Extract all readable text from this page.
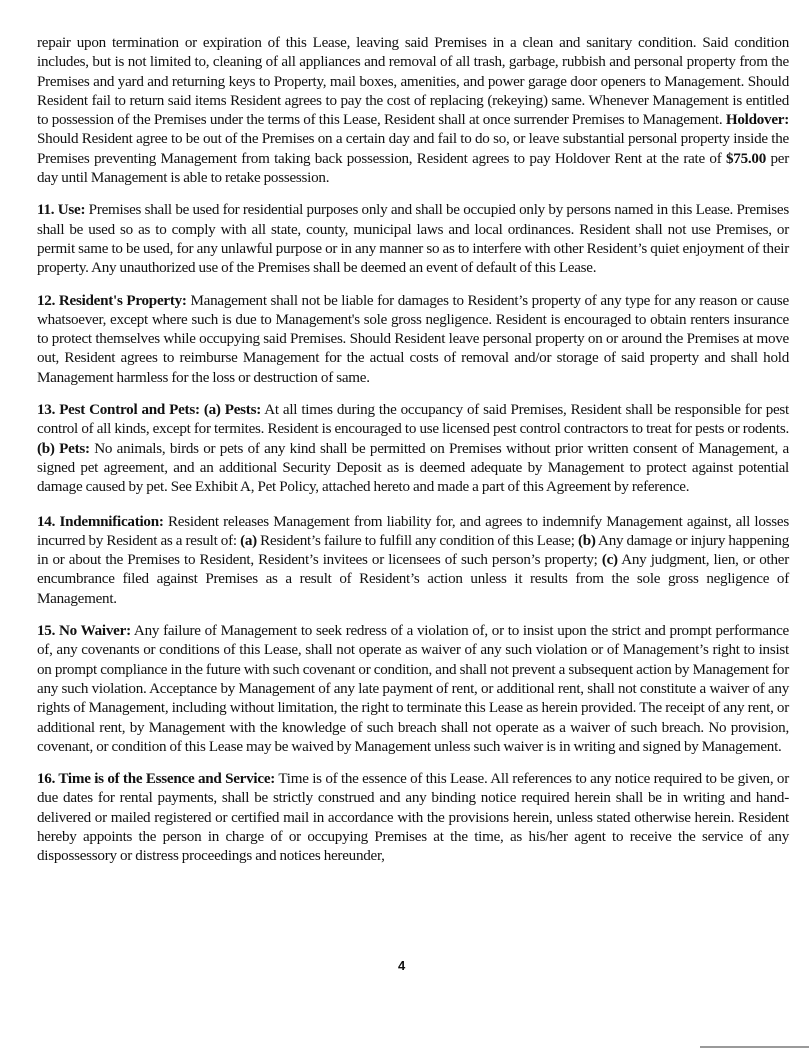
repair upon termination or expiration of this Lease, leaving said Premises in a clean and sanitary condition. Said condition includes, but is not limited to, cleaning of all appliances and removal of all trash, garbage, rubbish and personal property from the Premises and yard and returning keys to Property, mail boxes, amenities, and power garage door openers to Management. Should Resident fail to return said items Resident agrees to pay the cost of replacing (rekeying) same. Whenever Management is entitled to possession of the Premises under the terms of this Lease, Resident shall at once surrender Premises to Management. Holdover: Should Resident agree to be out of the Premises on a certain day and fail to do so, or leave substantial personal property inside the Premises preventing Management from taking back possession, Resident agrees to pay Holdover Rent at the rate of $75.00 per day until Management is able to retake possession.

11. Use: Premises shall be used for residential purposes only and shall be occupied only by persons named in this Lease. Premises shall be used so as to comply with all state, county, municipal laws and local ordinances. Resident shall not use Premises, or permit same to be used, for any unlawful purpose or in any manner so as to interfere with other Resident’s quiet enjoyment of their property. Any unauthorized use of the Premises shall be deemed an event of default of this Lease.

12. Resident's Property: Management shall not be liable for damages to Resident’s property of any type for any reason or cause whatsoever, except where such is due to Management's sole gross negligence. Resident is encouraged to obtain renters insurance to protect themselves while occupying said Premises. Should Resident leave personal property on or around the Premises at move out, Resident agrees to reimburse Management for the actual costs of removal and/or storage of said property and shall hold Management harmless for the loss or destruction of same.

13. Pest Control and Pets: (a) Pests: At all times during the occupancy of said Premises, Resident shall be responsible for pest control of all kinds, except for termites. Resident is encouraged to use licensed pest control contractors to treat for pests or rodents. (b) Pets: No animals, birds or pets of any kind shall be permitted on Premises without prior written consent of Management, a signed pet agreement, and an additional Security Deposit as is deemed adequate by Management to protect against potential damage caused by pet. See Exhibit A, Pet Policy, attached hereto and made a part of this Agreement by reference.

14. Indemnification: Resident releases Management from liability for, and agrees to indemnify Management against, all losses incurred by Resident as a result of: (a) Resident’s failure to fulfill any condition of this Lease; (b) Any damage or injury happening in or about the Premises to Resident, Resident’s invitees or licensees of such person’s property; (c) Any judgment, lien, or other encumbrance filed against Premises as a result of Resident’s action unless it results from the sole gross negligence of Management.

15. No Waiver: Any failure of Management to seek redress of a violation of, or to insist upon the strict and prompt performance of, any covenants or conditions of this Lease, shall not operate as waiver of any such violation or of Management’s right to insist on prompt compliance in the future with such covenant or condition, and shall not prevent a subsequent action by Management for any such violation. Acceptance by Management of any late payment of rent, or additional rent, shall not constitute a waiver of any rights of Management, including without limitation, the right to terminate this Lease as herein provided. The receipt of any rent, or additional rent, by Management with the knowledge of such breach shall not operate as a waiver of such breach. No provision, covenant, or condition of this Lease may be waived by Management unless such waiver is in writing and signed by Management.

16. Time is of the Essence and Service: Time is of the essence of this Lease. All references to any notice required to be given, or due dates for rental payments, shall be strictly construed and any binding notice required herein shall be in writing and hand-delivered or mailed registered or certified mail in accordance with the provisions herein, unless stated otherwise herein. Resident hereby appoints the person in charge of or occupying Premises at the time, as his/her agent to receive the service of any dispossessory or distress proceedings and notices hereunder,

4
